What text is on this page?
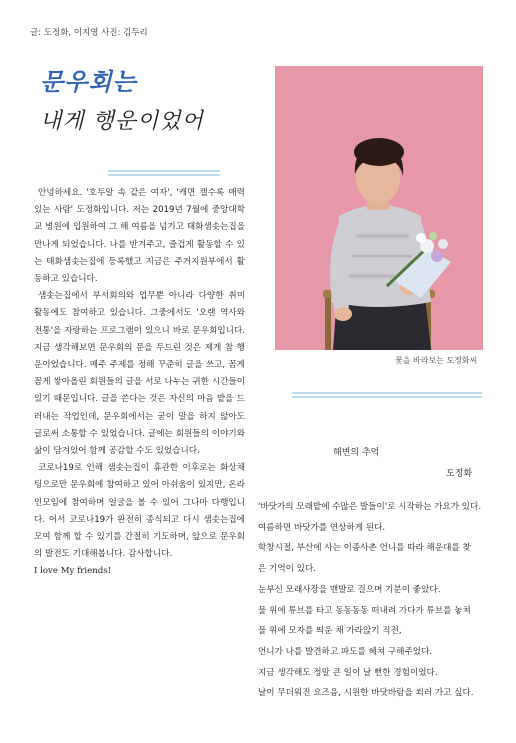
글: 도정화, 이지영 사진: 김두리
문우회는
내게 행운이었어
꽃을 바라보는 도정화씨

안녕하세요. '호두알 속 같은 여자', '캐면 캘수록 매력 있는 사람' 도정화입니다. 저는 2019년 7월에 중앙대학교 병원에 입원하여 그 해 여름을 넘기고 태화샘솟는집을 만나게 되었습니다. 나를 반겨주고, 즐겁게 활동할 수 있는 태화샘솟는집에 등록했고 지금은 주거지원부에서 활동하고 있습니다.

샘솟는집에서 부서회의와 업무뿐 아니라 다양한 취미 활동에도 참여하고 있습니다. 그중에서도 '오랜 역사와 전통'을 자랑하는 프로그램이 있으니 바로 문우회입니다. 지금 생각해보면 문우회의 문을 두드린 것은 제게 참 행운이었습니다. 매주 주제를 정해 꾸준히 글을 쓰고, 꼼게 꼼게 쌓아올린 회원들의 글을 서로 나누는 귀한 시간들이 있기 때문입니다. 글을 쓴다는 것은 자신의 마음 밭을 드러내는 작업인데, 문우회에서는 굳이 말을 하지 않아도 글로써 소통할 수 있었습니다. 글에는 회원들의 이야기와 삶이 담겨있어 함께 공감할 수도 있었습니다.

코로나19로 인해 샘솟는집이 휴관한 이후로는 화상채팅으로만 문우회에 참여하고 있어 아쉬움이 있지만, 온라인모임에 참여하며 얼굴을 볼 수 있어 그나마 다행입니다. 어서 코로나19가 완전히 종식되고 다시 샘솟는집에 모여 함께 할 수 있기를 간절히 기도하며, 앞으로 문우회의 발전도 기대해봅니다. 감사합니다.

I love My friends!

해변의 추억
도정화
'바닷가의 모래밭에 수많은 발들이'로 시작하는 가요가 있다.
여름하면 바닷가를 연상하게 된다.
학창시절, 부산에 사는 이종사촌 언니를 따라 해운대를 찾
은 기억이 있다.
눈부신 모래사장을 맨발로 걸으며 기분이 좋았다.
물 위에 튜브를 타고 동동동동 떠내려 가다가 튜브를 놓쳐
물 위에 모자를 띄운 채 가라앉기 직전,
언니가 나를 발견하고 파도를 헤쳐 구해주었다.
지금 생각해도 정말 큰 일이 날 뻔한 경험이었다.
날이 무더워진 요즈음, 시원한 바닷바람을 쐬러 가고 싶다.
